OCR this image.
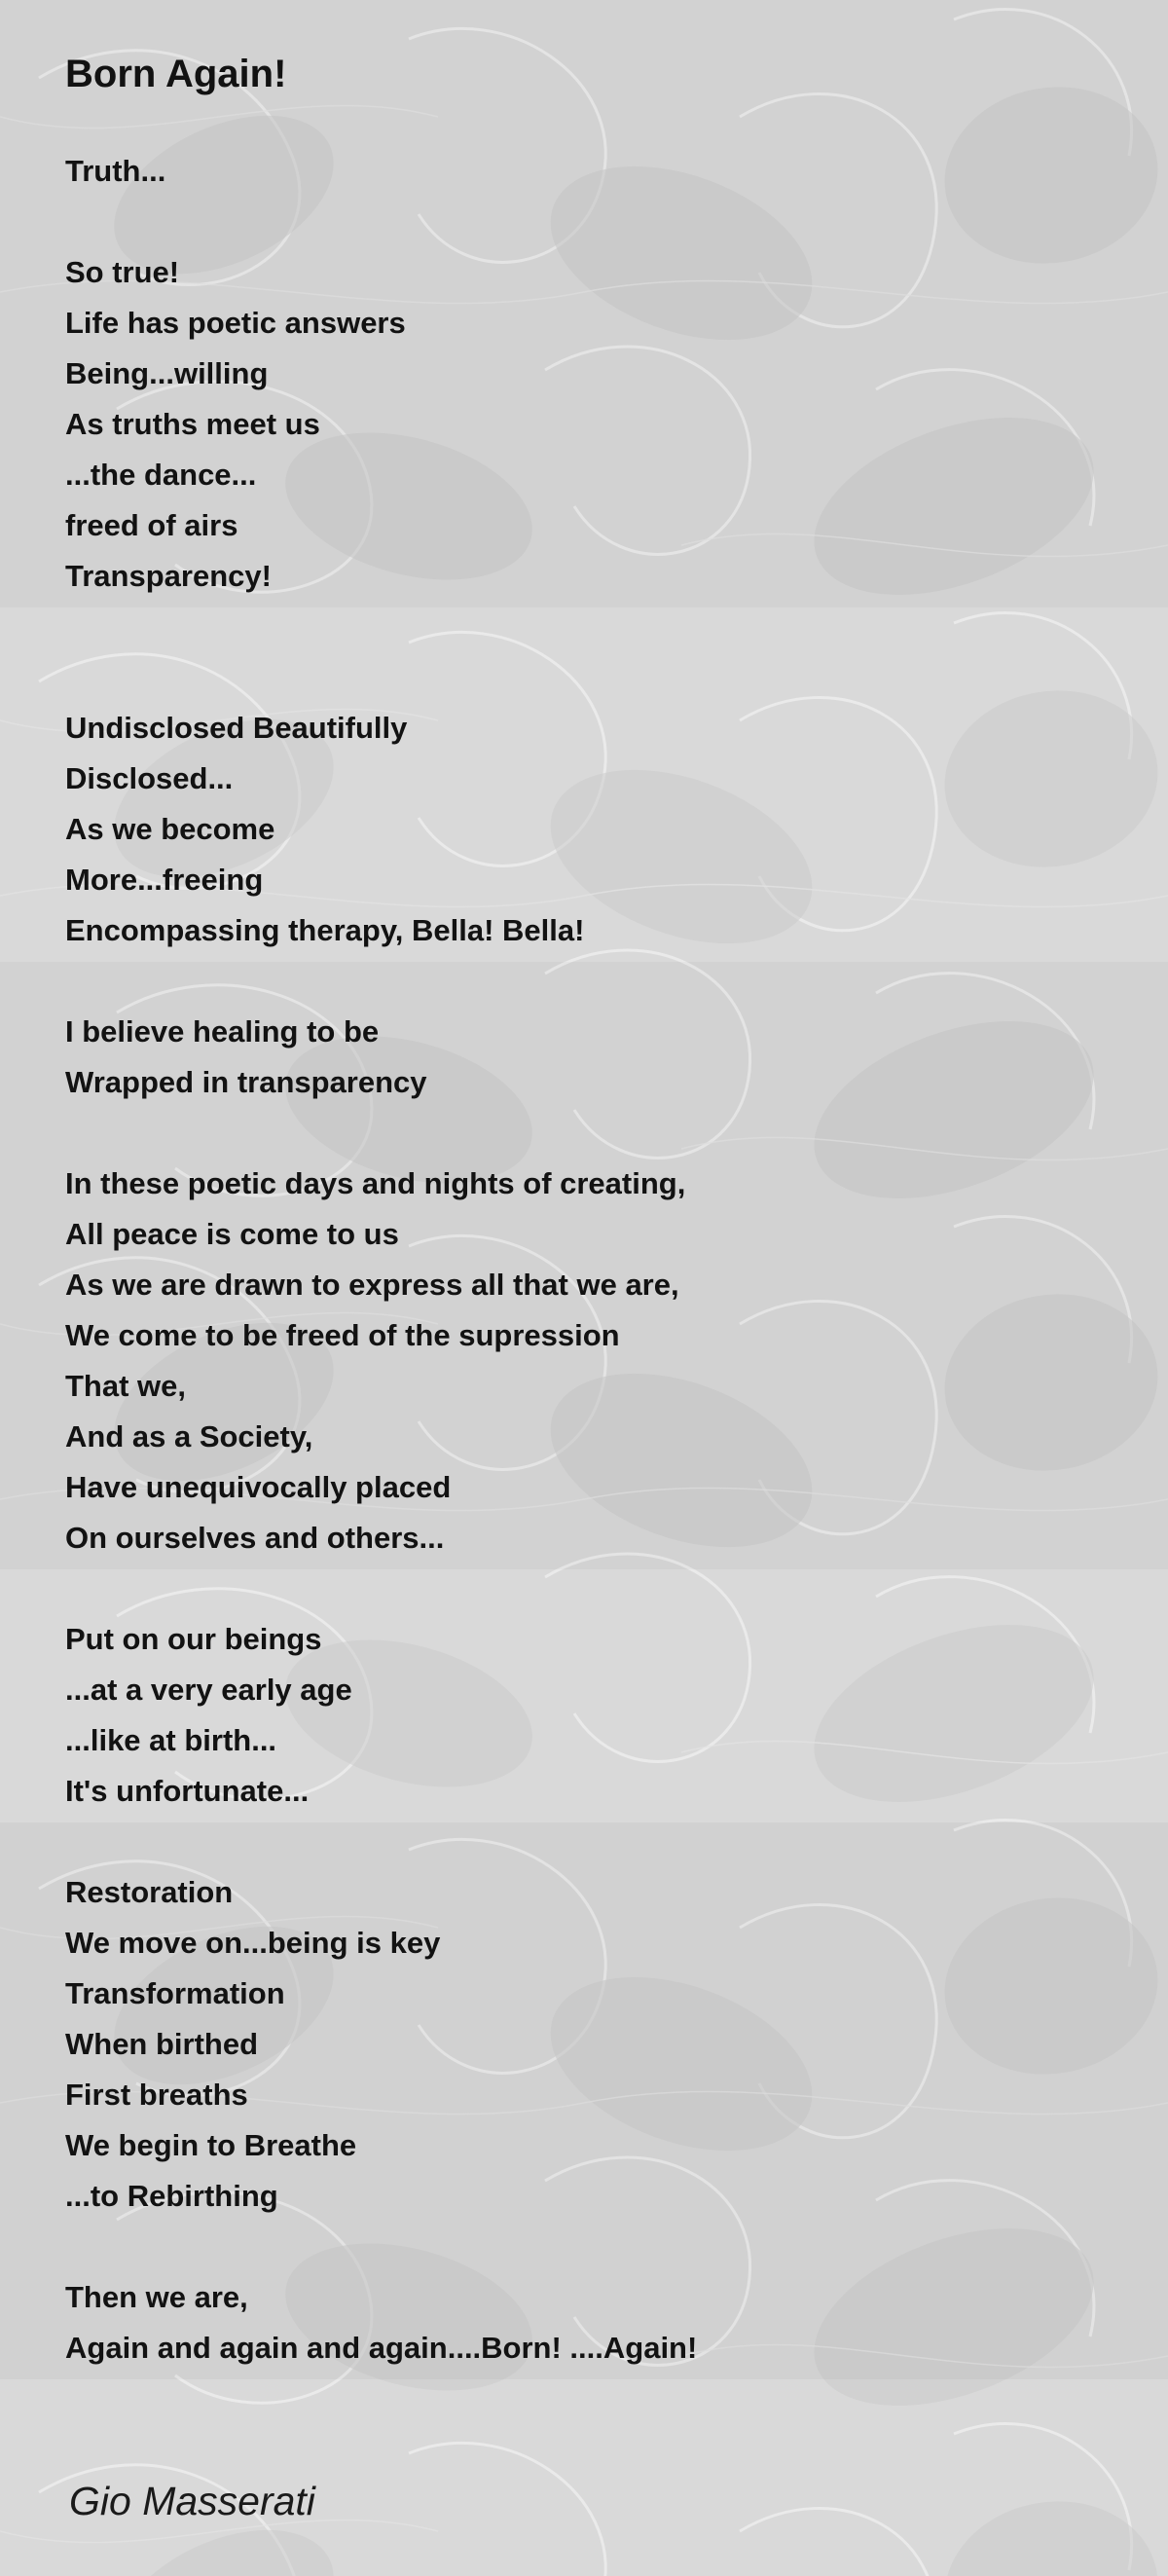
Born Again!
Truth...
So true!
Life has poetic answers
Being...willing
As truths meet us
...the dance...
freed of airs
Transparency!
Undisclosed Beautifully
Disclosed...
As we become
More...freeing
Encompassing therapy, Bella! Bella!
I believe healing to be
Wrapped in transparency
In these poetic days and nights of creating,
All peace is come to us
As we are drawn to express all that we are,
We come to be freed of the supression
That we,
And as a Society,
Have unequivocally placed
On ourselves and others...
Put on our beings
...at a very early age
...like at birth...
It's unfortunate...
Restoration
We move on...being is key
Transformation
When birthed
First breaths
We begin to Breathe
...to Rebirthing
Then we are,
Again and again and again....Born! ....Again!
Gio Masserati
